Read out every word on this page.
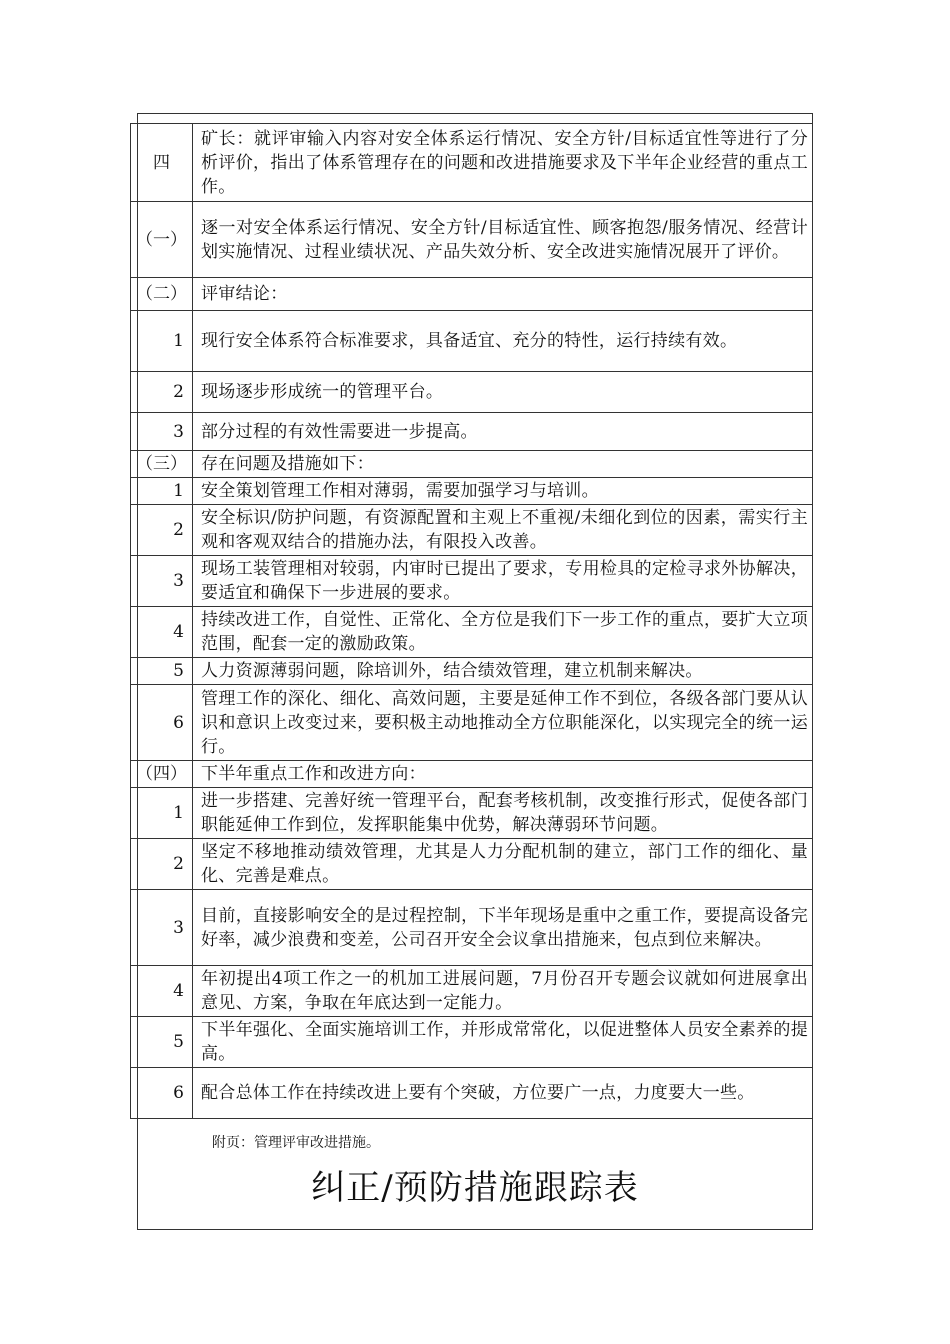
四	矿长：就评审输入内容对安全体系运行情况、安全方针/目标适宜性等进行了分析评价，指出了体系管理存在的问题和改进措施要求及下半年企业经营的重点工作。
（一）	逐一对安全体系运行情况、安全方针/目标适宜性、顾客抱怨/服务情况、经营计划实施情况、过程业绩状况、产品失效分析、安全改进实施情况展开了评价。
（二）	评审结论：
1	现行安全体系符合标准要求，具备适宜、充分的特性，运行持续有效。
2	现场逐步形成统一的管理平台。
3	部分过程的有效性需要进一步提高。
（三）	存在问题及措施如下：
1	安全策划管理工作相对薄弱，需要加强学习与培训。
2	安全标识/防护问题，有资源配置和主观上不重视/未细化到位的因素，需实行主观和客观双结合的措施办法，有限投入改善。
3	现场工装管理相对较弱，内审时已提出了要求，专用检具的定检寻求外协解决，要适宜和确保下一步进展的要求。
4	持续改进工作，自觉性、正常化、全方位是我们下一步工作的重点，要扩大立项范围，配套一定的激励政策。
5	人力资源薄弱问题，除培训外，结合绩效管理，建立机制来解决。
6	管理工作的深化、细化、高效问题，主要是延伸工作不到位，各级各部门要从认识和意识上改变过来，要积极主动地推动全方位职能深化，以实现完全的统一运行。
（四）	下半年重点工作和改进方向：
1	进一步搭建、完善好统一管理平台，配套考核机制，改变推行形式，促使各部门职能延伸工作到位，发挥职能集中优势，解决薄弱环节问题。
2	坚定不移地推动绩效管理，尤其是人力分配机制的建立，部门工作的细化、量化、完善是难点。
3	目前，直接影响安全的是过程控制，下半年现场是重中之重工作，要提高设备完好率，减少浪费和变差，公司召开安全会议拿出措施来，包点到位来解决。
4	年初提出4项工作之一的机加工进展问题，7月份召开专题会议就如何进展拿出意见、方案，争取在年底达到一定能力。
5	下半年强化、全面实施培训工作，并形成常常化，以促进整体人员安全素养的提高。
6	配合总体工作在持续改进上要有个突破，方位要广一点，力度要大一些。
附页：管理评审改进措施。
纠正/预防措施跟踪表
